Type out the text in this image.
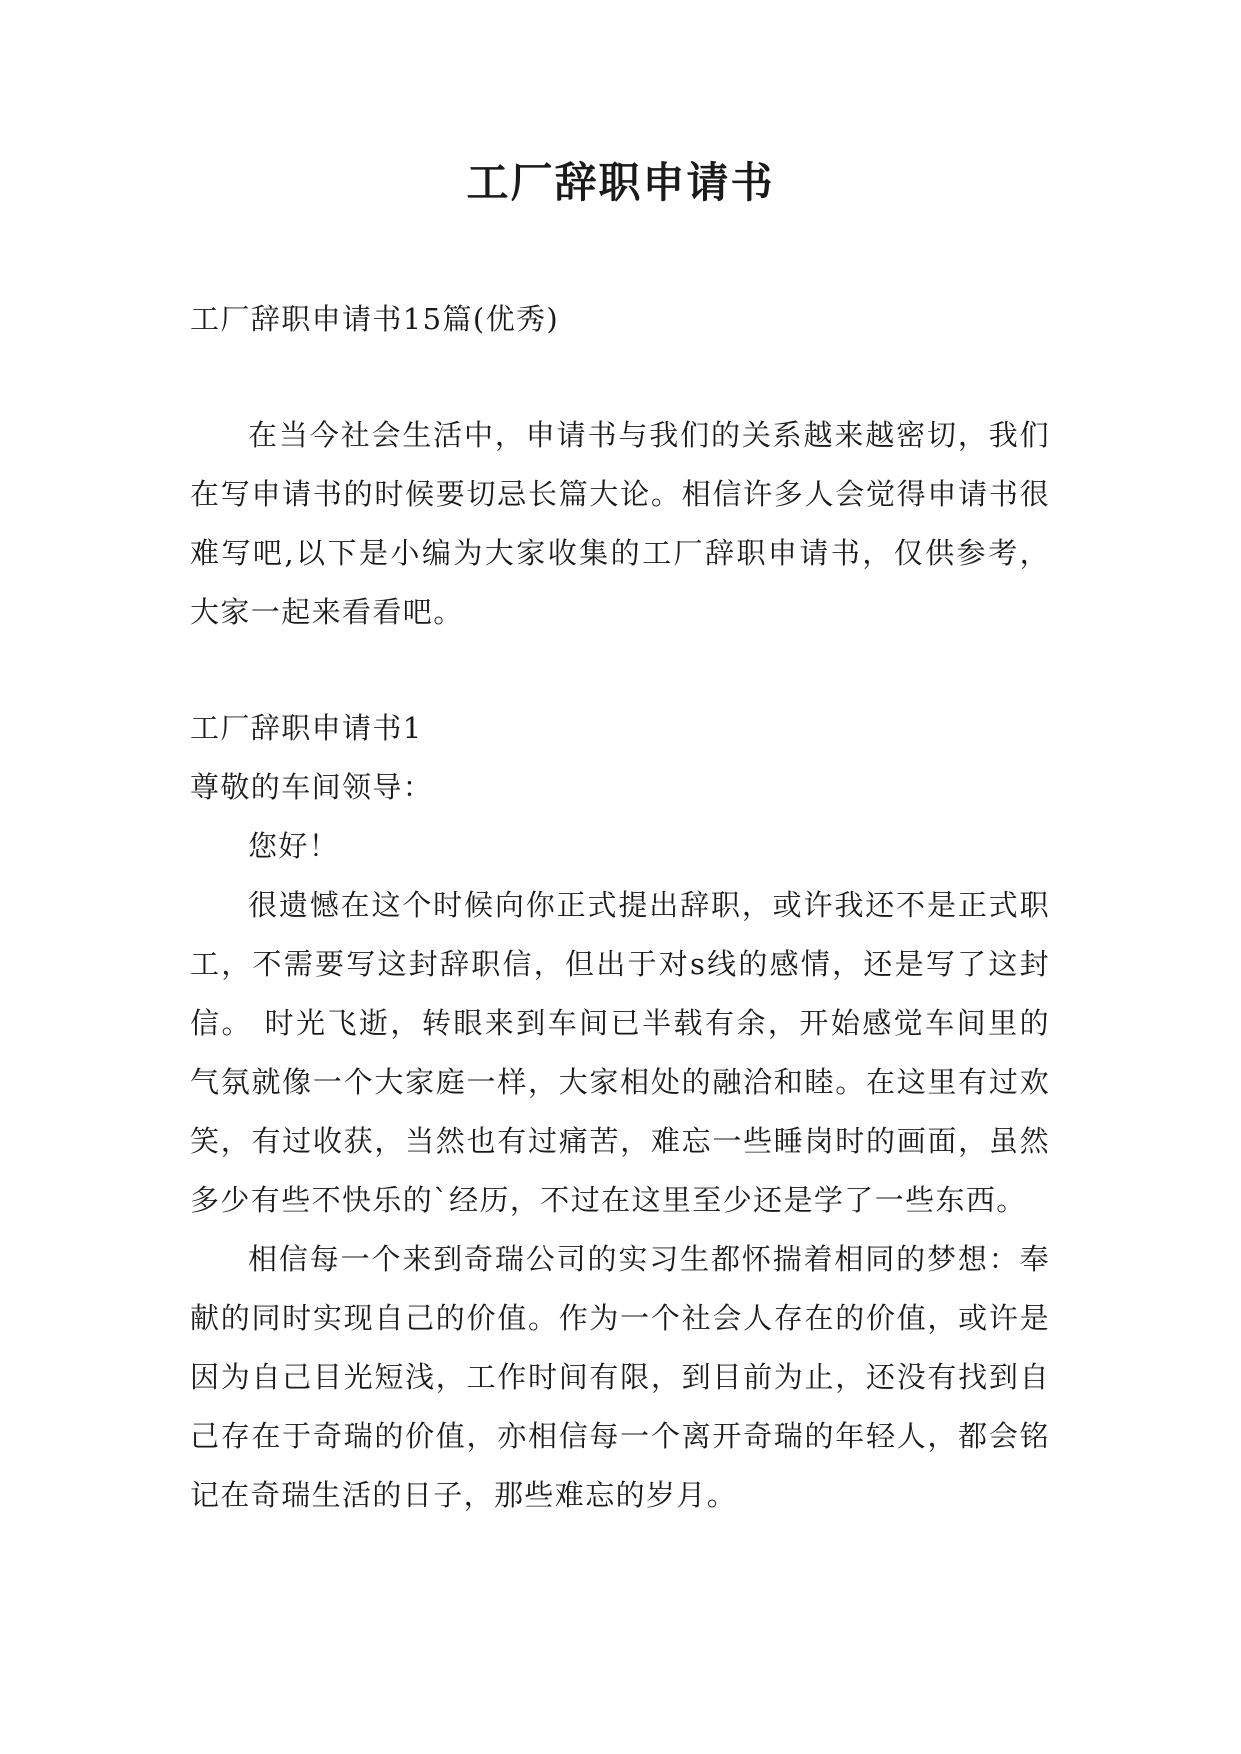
工厂辞职申请书

工厂辞职申请书15篇(优秀)

在当今社会生活中，申请书与我们的关系越来越密切，我们在写申请书的时候要切忌长篇大论。相信许多人会觉得申请书很难写吧,以下是小编为大家收集的工厂辞职申请书，仅供参考，大家一起来看看吧。

工厂辞职申请书1

尊敬的车间领导：

您好！

很遗憾在这个时候向你正式提出辞职，或许我还不是正式职工，不需要写这封辞职信，但出于对s线的感情，还是写了这封信。 时光飞逝，转眼来到车间已半载有余，开始感觉车间里的气氛就像一个大家庭一样，大家相处的融洽和睦。在这里有过欢笑，有过收获，当然也有过痛苦，难忘一些睡岗时的画面，虽然多少有些不快乐的`经历，不过在这里至少还是学了一些东西。

相信每一个来到奇瑞公司的实习生都怀揣着相同的梦想：奉献的同时实现自己的价值。作为一个社会人存在的价值，或许是因为自己目光短浅，工作时间有限，到目前为止，还没有找到自己存在于奇瑞的价值，亦相信每一个离开奇瑞的年轻人，都会铭记在奇瑞生活的日子，那些难忘的岁月。
